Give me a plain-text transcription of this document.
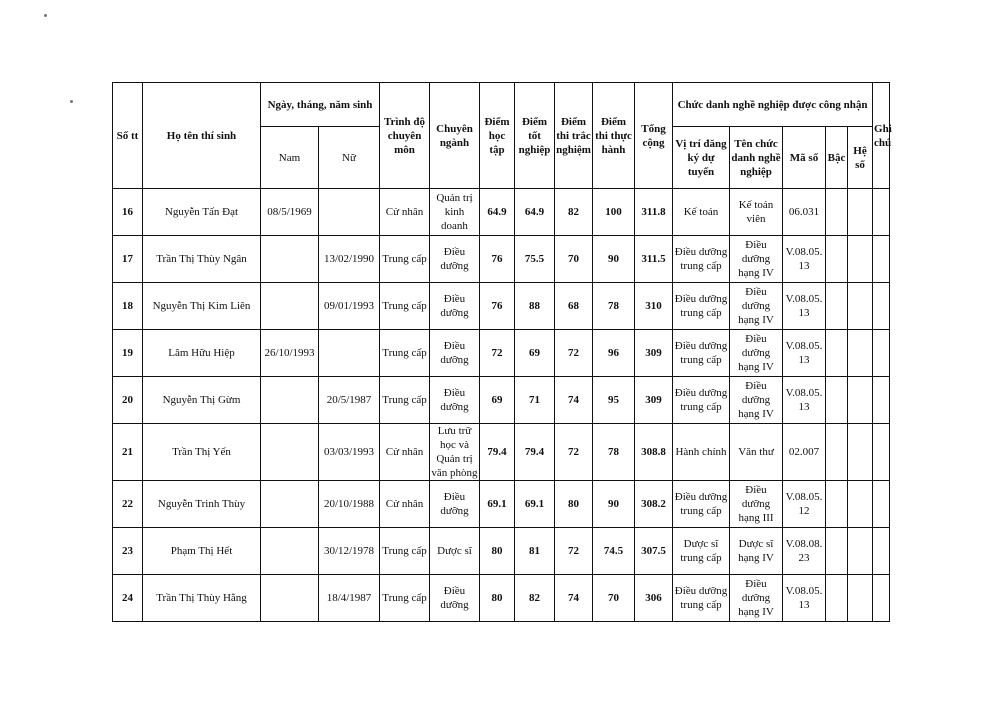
Số tt	Họ tên thí sinh	Ngày, tháng, năm sinh		Trình độ chuyên môn	Chuyên ngành	Điểm học tập	Điểm tốt nghiệp	Điểm thi trắc nghiệm	Điểm thi thực hành	Tổng cộng	Chức danh nghề nghiệp được công nhận					Ghi chú
		Nam	Nữ								Vị trí đăng ký dự tuyển	Tên chức danh nghề nghiệp	Mã số	Bậc	Hệ số	
16	Nguyễn Tấn Đạt	08/5/1969		Cử nhân	Quản trị kinh doanh	64.9	64.9	82	100	311.8	Kế toán	Kế toán viên	06.031			
17	Trần Thị Thùy Ngân		13/02/1990	Trung cấp	Điều dưỡng	76	75.5	70	90	311.5	Điều dưỡng trung cấp	Điều dưỡng hạng IV	V.08.05. 13			
18	Nguyễn Thị Kim Liên		09/01/1993	Trung cấp	Điều dưỡng	76	88	68	78	310	Điều dưỡng trung cấp	Điều dưỡng hạng IV	V.08.05. 13			
19	Lâm Hữu Hiệp	26/10/1993		Trung cấp	Điều dưỡng	72	69	72	96	309	Điều dưỡng trung cấp	Điều dưỡng hạng IV	V.08.05. 13			
20	Nguyễn Thị Gừm		20/5/1987	Trung cấp	Điều dưỡng	69	71	74	95	309	Điều dưỡng trung cấp	Điều dưỡng hạng IV	V.08.05. 13			
21	Trần Thị Yến		03/03/1993	Cử nhân	Lưu trữ học và Quản trị văn phòng	79.4	79.4	72	78	308.8	Hành chính	Văn thư	02.007			
22	Nguyễn Trinh Thùy		20/10/1988	Cử nhân	Điều dưỡng	69.1	69.1	80	90	308.2	Điều dưỡng trung cấp	Điều dưỡng hạng III	V.08.05. 12			
23	Phạm Thị Hết		30/12/1978	Trung cấp	Dược sĩ	80	81	72	74.5	307.5	Dược sĩ trung cấp	Dược sĩ hạng IV	V.08.08. 23			
24	Trần Thị Thùy Hằng		18/4/1987	Trung cấp	Điều dưỡng	80	82	74	70	306	Điều dưỡng trung cấp	Điều dưỡng hạng IV	V.08.05. 13			
